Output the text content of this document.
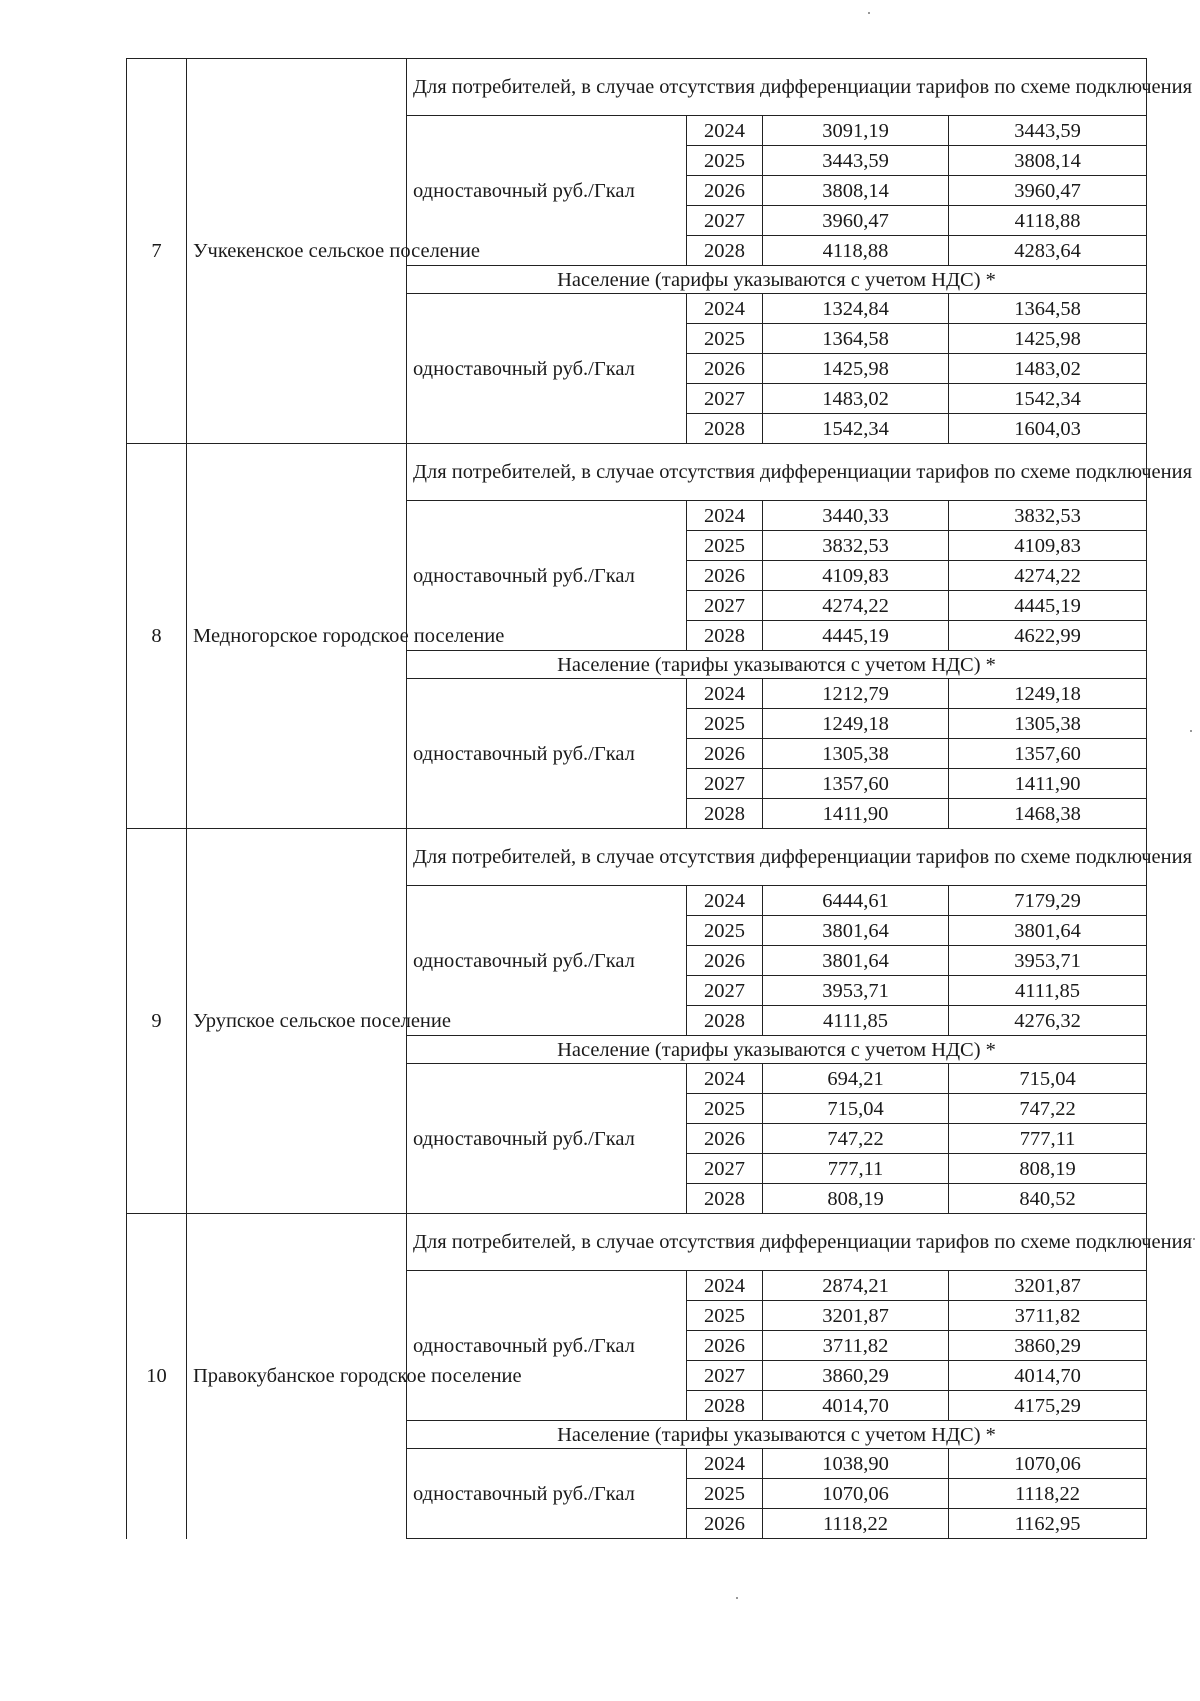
7	Учкекенское сельское поселение	Для потребителей, в случае отсутствия дифференциации тарифов по схеме подключения			
		одноставочный руб./Гкал	2024	3091,19	3443,59
			2025	3443,59	3808,14
			2026	3808,14	3960,47
			2027	3960,47	4118,88
			2028	4118,88	4283,64
		Население (тарифы указываются с учетом НДС) *			
		одноставочный руб./Гкал	2024	1324,84	1364,58
			2025	1364,58	1425,98
			2026	1425,98	1483,02
			2027	1483,02	1542,34
			2028	1542,34	1604,03
8	Медногорское городское поселение	Для потребителей, в случае отсутствия дифференциации тарифов по схеме подключения			
		одноставочный руб./Гкал	2024	3440,33	3832,53
			2025	3832,53	4109,83
			2026	4109,83	4274,22
			2027	4274,22	4445,19
			2028	4445,19	4622,99
		Население (тарифы указываются с учетом НДС) *			
		одноставочный руб./Гкал	2024	1212,79	1249,18
			2025	1249,18	1305,38
			2026	1305,38	1357,60
			2027	1357,60	1411,90
			2028	1411,90	1468,38
9	Урупское сельское поселение	Для потребителей, в случае отсутствия дифференциации тарифов по схеме подключения			
		одноставочный руб./Гкал	2024	6444,61	7179,29
			2025	3801,64	3801,64
			2026	3801,64	3953,71
			2027	3953,71	4111,85
			2028	4111,85	4276,32
		Население (тарифы указываются с учетом НДС) *			
		одноставочный руб./Гкал	2024	694,21	715,04
			2025	715,04	747,22
			2026	747,22	777,11
			2027	777,11	808,19
			2028	808,19	840,52
10	Правокубанское городское поселение	Для потребителей, в случае отсутствия дифференциации тарифов по схеме подключения			
		одноставочный руб./Гкал	2024	2874,21	3201,87
			2025	3201,87	3711,82
			2026	3711,82	3860,29
			2027	3860,29	4014,70
			2028	4014,70	4175,29
		Население (тарифы указываются с учетом НДС) *			
		одноставочный руб./Гкал	2024	1038,90	1070,06
			2025	1070,06	1118,22
			2026	1118,22	1162,95
